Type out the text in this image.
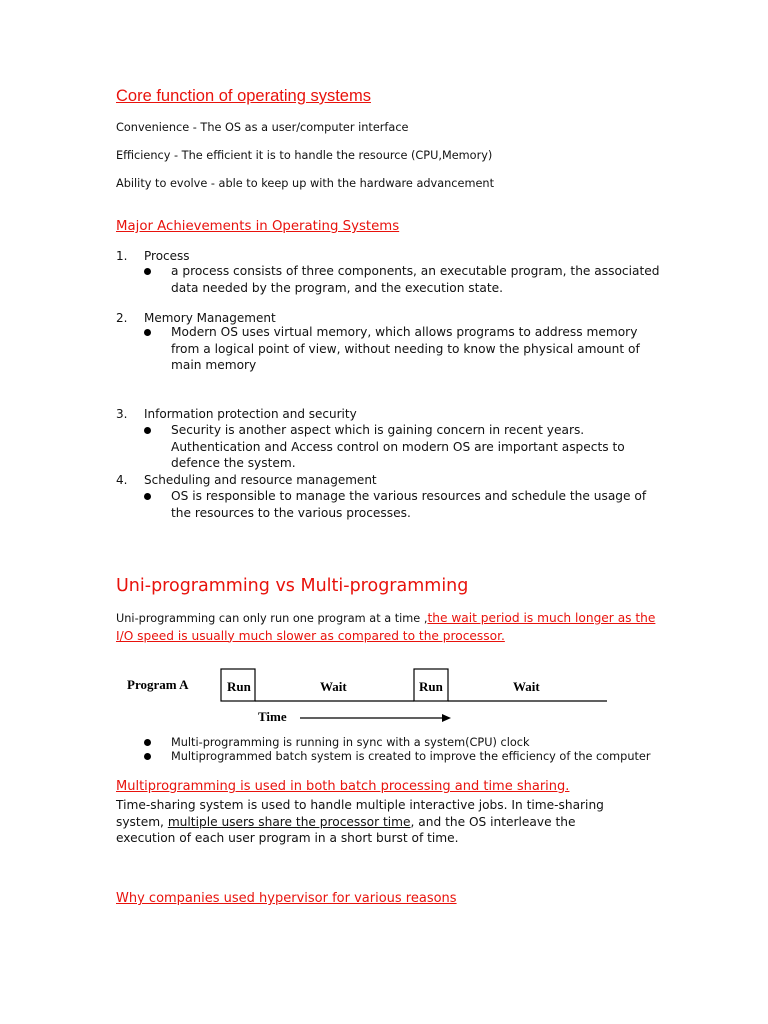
Core function of operating systems
Convenience - The OS as a user/computer interface
Efficiency - The efficient it is to handle the resource (CPU,Memory)
Ability to evolve - able to keep up with the hardware advancement
Major Achievements in Operating Systems
1. Process
a process consists of three components, an executable program, the associated data needed by the program, and the execution state.
2. Memory Management
Modern OS uses virtual memory, which allows programs to address memory from a logical point of view, without needing to know the physical amount of main memory
3. Information protection and security
Security is another aspect which is gaining concern in recent years. Authentication and Access control on modern OS are important aspects to defence the system.
4. Scheduling and resource management
OS is responsible to manage the various resources and schedule the usage of the resources to the various processes.
Uni-programming vs Multi-programming
Uni-programming can only run one program at a time ,the wait period is much longer as the I/O speed is usually much slower as compared to the processor.
Program A	Run	Wait	Run	Wait
Time
Multi-programming is running in sync with a system(CPU) clock
Multiprogrammed batch system is created to improve the efficiency of the computer
Multiprogramming is used in both batch processing and time sharing.
Time-sharing system is used to handle multiple interactive jobs. In time-sharing system, multiple users share the processor time, and the OS interleave the execution of each user program in a short burst of time.
Why companies used hypervisor for various reasons
